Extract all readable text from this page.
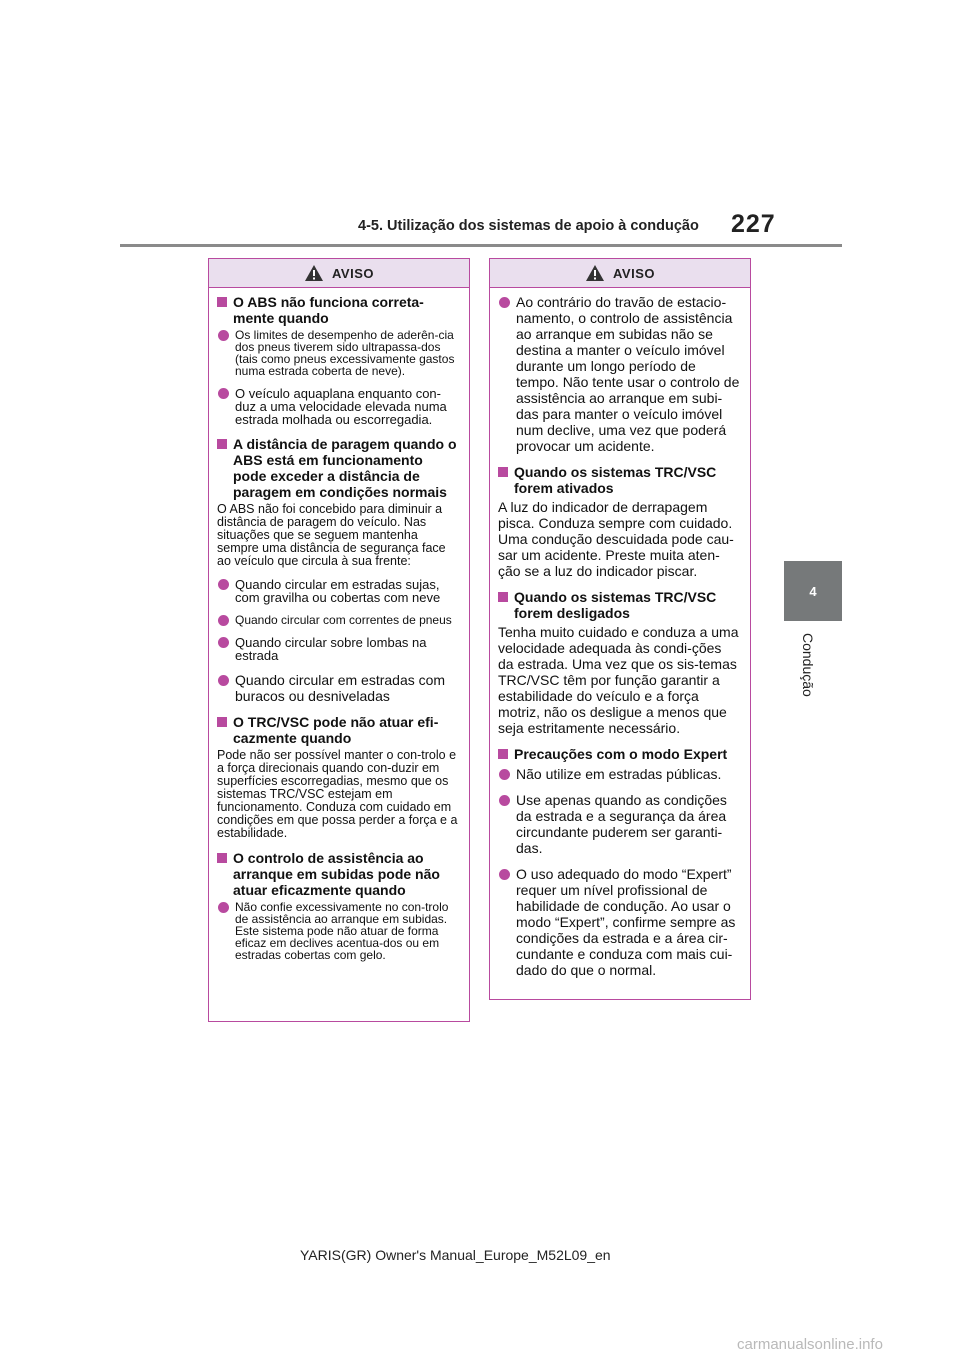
4-5. Utilização dos sistemas de apoio à condução 227
4
Condução
AVISO
O ABS não funciona correta-mente quando
Os limites de desempenho de aderên-cia dos pneus tiverem sido ultrapassa-dos (tais como pneus excessivamente gastos numa estrada coberta de neve).
O veículo aquaplana enquanto con-duz a uma velocidade elevada numa estrada molhada ou escorregadia.
A distância de paragem quando o ABS está em funcionamento pode exceder a distância de paragem em condições normais

O ABS não foi concebido para diminuir a distância de paragem do veículo. Nas situações que se seguem mantenha sempre uma distância de segurança face ao veículo que circula à sua frente:

Quando circular em estradas sujas, com gravilha ou cobertas com neve
Quando circular com correntes de pneus
Quando circular sobre lombas na estrada
Quando circular em estradas com buracos ou desniveladas
O TRC/VSC pode não atuar efi-cazmente quando

Pode não ser possível manter o con-trolo e a força direcionais quando con-duzir em superfícies escorregadias, mesmo que os sistemas TRC/VSC estejam em funcionamento. Conduza com cuidado em condições em que possa perder a força e a estabilidade.

O controlo de assistência ao arranque em subidas pode não atuar eficazmente quando
Não confie excessivamente no con-trolo de assistência ao arranque em subidas. Este sistema pode não atuar de forma eficaz em declives acentua-dos ou em estradas cobertas com gelo.
AVISO
Ao contrário do travão de estacio-namento, o controlo de assistência ao arranque em subidas não se destina a manter o veículo imóvel durante um longo período de tempo. Não tente usar o controlo de assistência ao arranque em subi-das para manter o veículo imóvel num declive, uma vez que poderá provocar um acidente.
Quando os sistemas TRC/VSC forem ativados

A luz do indicador de derrapagem pisca. Conduza sempre com cuidado. Uma condução descuidada pode cau-sar um acidente. Preste muita aten-ção se a luz do indicador piscar.

Quando os sistemas TRC/VSC forem desligados

Tenha muito cuidado e conduza a uma velocidade adequada às condi-ções da estrada. Uma vez que os sis-temas TRC/VSC têm por função garantir a estabilidade do veículo e a força motriz, não os desligue a menos que seja estritamente necessário.

Precauções com o modo Expert
Não utilize em estradas públicas.
Use apenas quando as condições da estrada e a segurança da área circundante puderem ser garanti-das.
O uso adequado do modo “Expert” requer um nível profissional de habilidade de condução. Ao usar o modo “Expert”, confirme sempre as condições da estrada e a área cir-cundante e conduza com mais cui-dado do que o normal.
YARIS(GR) Owner's Manual_Europe_M52L09_en
carmanualsonline.info
